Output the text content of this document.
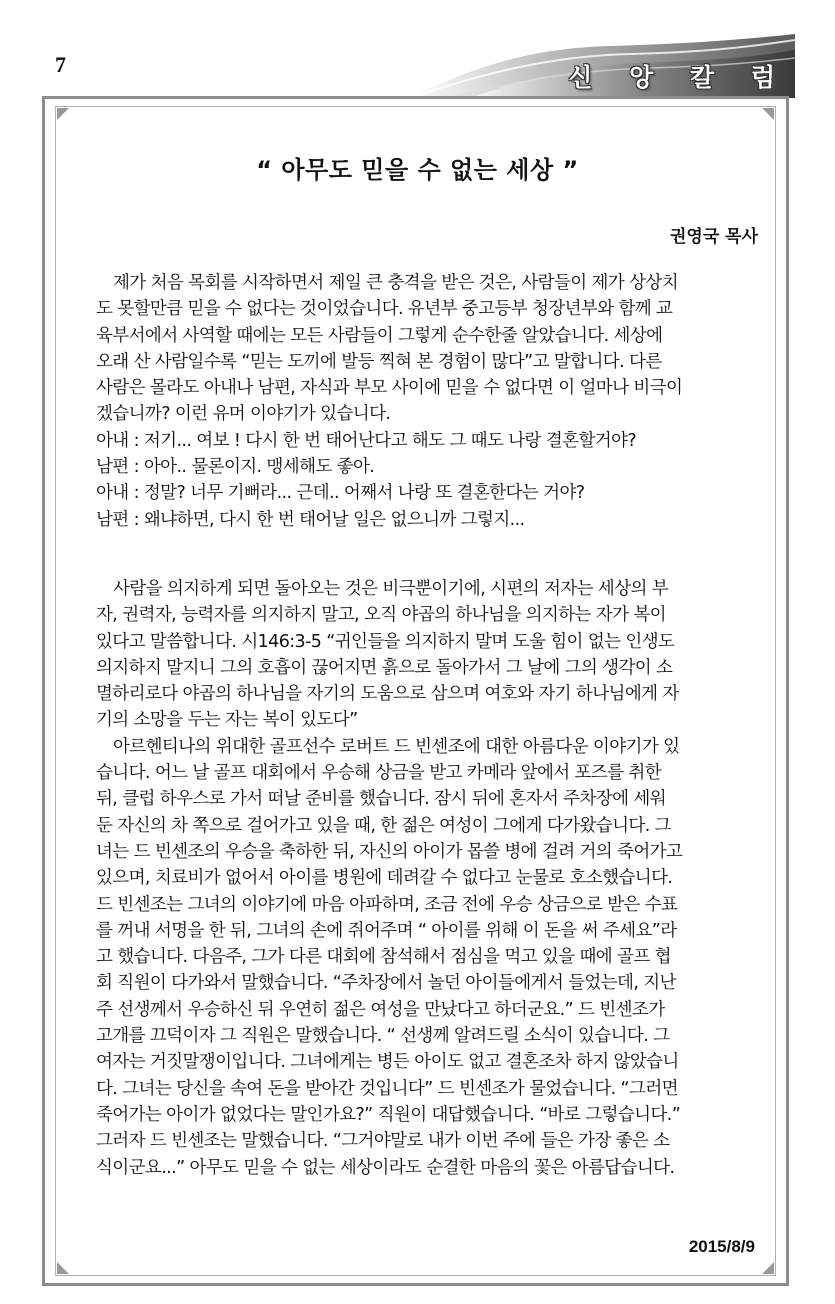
7	신 앙 칼 럼
“ 아무도 믿을 수 없는 세상 ”
권영국 목사
제가 처음 목회를 시작하면서 제일 큰 충격을 받은 것은, 사람들이 제가 상상치
도 못할만큼 믿을 수 없다는 것이었습니다. 유년부 중고등부 청장년부와 함께 교
육부서에서 사역할 때에는 모든 사람들이 그렇게 순수한줄 알았습니다. 세상에
오래 산 사람일수록 “믿는 도끼에 발등 찍혀 본 경험이 많다”고 말합니다. 다른
사람은 몰라도 아내나 남편, 자식과 부모 사이에 믿을 수 없다면 이 얼마나 비극이
겠습니까? 이런 유머 이야기가 있습니다.
아내 : 저기... 여보 ! 다시 한 번 태어난다고 해도 그 때도 나랑 결혼할거야?
남편 : 아아.. 물론이지. 맹세해도 좋아.
아내 : 정말? 너무 기뻐라... 근데.. 어째서 나랑 또 결혼한다는 거야?
남편 : 왜냐하면, 다시 한 번 태어날 일은 없으니까 그렇지...
사람을 의지하게 되면 돌아오는 것은 비극뿐이기에, 시편의 저자는 세상의 부
자, 권력자, 능력자를 의지하지 말고, 오직 야곱의 하나님을 의지하는 자가 복이
있다고 말씀합니다. 시146:3-5 “귀인들을 의지하지 말며 도울 힘이 없는 인생도
의지하지 말지니 그의 호흡이 끊어지면 흙으로 돌아가서 그 날에 그의 생각이 소
멸하리로다 야곱의 하나님을 자기의 도움으로 삼으며 여호와 자기 하나님에게 자
기의 소망을 두는 자는 복이 있도다”
아르헨티나의 위대한 골프선수 로버트 드 빈센조에 대한 아름다운 이야기가 있
습니다. 어느 날 골프 대회에서 우승해 상금을 받고 카메라 앞에서 포즈를 취한
뒤, 클럽 하우스로 가서 떠날 준비를 했습니다. 잠시 뒤에 혼자서 주차장에 세워
둔 자신의 차 쪽으로 걸어가고 있을 때, 한 젊은 여성이 그에게 다가왔습니다. 그
녀는 드 빈센조의 우승을 축하한 뒤, 자신의 아이가 몹쓸 병에 걸려 거의 죽어가고
있으며, 치료비가 없어서 아이를 병원에 데려갈 수 없다고 눈물로 호소했습니다.
드 빈센조는 그녀의 이야기에 마음 아파하며, 조금 전에 우승 상금으로 받은 수표
를 꺼내 서명을 한 뒤, 그녀의 손에 쥐어주며 “ 아이를 위해 이 돈을 써 주세요”라
고 했습니다. 다음주, 그가 다른 대회에 참석해서 점심을 먹고 있을 때에 골프 협
회 직원이 다가와서 말했습니다. “주차장에서 놀던 아이들에게서 들었는데, 지난
주 선생께서 우승하신 뒤 우연히 젊은 여성을 만났다고 하더군요.” 드 빈센조가
고개를 끄덕이자 그 직원은 말했습니다. “ 선생께 알려드릴 소식이 있습니다. 그
여자는 거짓말쟁이입니다. 그녀에게는 병든 아이도 없고 결혼조차 하지 않았습니
다. 그녀는 당신을 속여 돈을 받아간 것입니다” 드 빈센조가 물었습니다. “그러면
죽어가는 아이가 없었다는 말인가요?” 직원이 대답했습니다. “바로 그렇습니다.”
그러자 드 빈센조는 말했습니다. “그거야말로 내가 이번 주에 들은 가장 좋은 소
식이군요...” 아무도 믿을 수 없는 세상이라도 순결한 마음의 꽃은 아름답습니다.
2015/8/9
